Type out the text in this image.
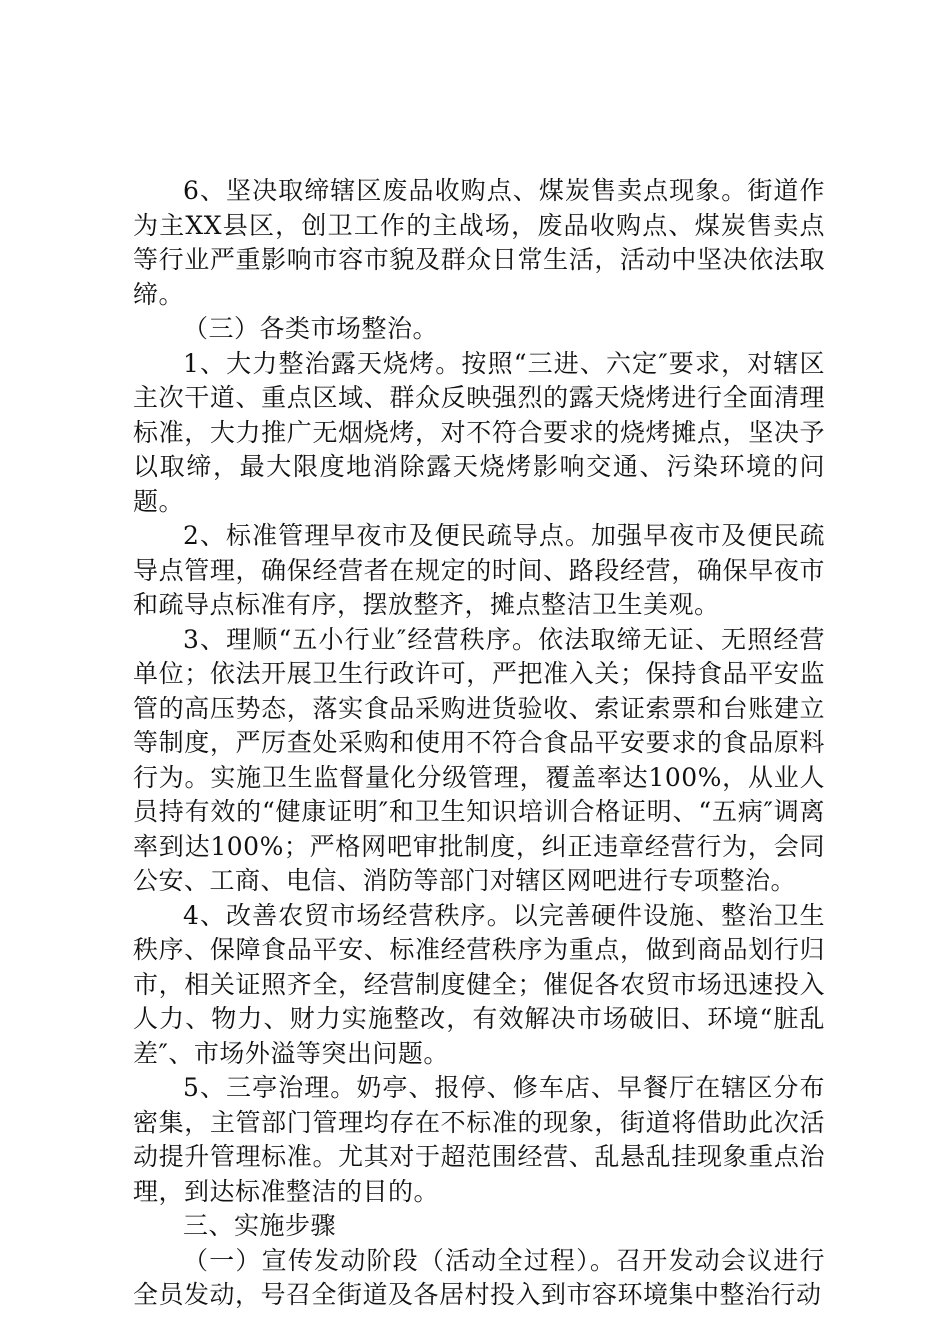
6、坚决取缔辖区废品收购点、煤炭售卖点现象。街道作为主XX县区，创卫工作的主战场，废品收购点、煤炭售卖点等行业严重影响市容市貌及群众日常生活，活动中坚决依法取缔。

（三）各类市场整治。

1、大力整治露天烧烤。按照“三进、六定″要求，对辖区主次干道、重点区域、群众反映强烈的露天烧烤进行全面清理标准，大力推广无烟烧烤，对不符合要求的烧烤摊点，坚决予以取缔，最大限度地消除露天烧烤影响交通、污染环境的问题。

2、标准管理早夜市及便民疏导点。加强早夜市及便民疏导点管理，确保经营者在规定的时间、路段经营，确保早夜市和疏导点标准有序，摆放整齐，摊点整洁卫生美观。

3、理顺“五小行业″经营秩序。依法取缔无证、无照经营单位；依法开展卫生行政许可，严把准入关；保持食品平安监管的高压势态，落实食品采购进货验收、索证索票和台账建立等制度，严厉查处采购和使用不符合食品平安要求的食品原料行为。实施卫生监督量化分级管理，覆盖率达100%，从业人员持有效的“健康证明″和卫生知识培训合格证明、“五病″调离率到达100%；严格网吧审批制度，纠正违章经营行为，会同公安、工商、电信、消防等部门对辖区网吧进行专项整治。

4、改善农贸市场经营秩序。以完善硬件设施、整治卫生秩序、保障食品平安、标准经营秩序为重点，做到商品划行归市，相关证照齐全，经营制度健全；催促各农贸市场迅速投入人力、物力、财力实施整改，有效解决市场破旧、环境“脏乱差″、市场外溢等突出问题。

5、三亭治理。奶亭、报停、修车店、早餐厅在辖区分布密集，主管部门管理均存在不标准的现象，街道将借助此次活动提升管理标准。尤其对于超范围经营、乱悬乱挂现象重点治理，到达标准整洁的目的。

三、实施步骤

（一）宣传发动阶段（活动全过程）。召开发动会议进行全员发动，号召全街道及各居村投入到市容环境集中整治行动
